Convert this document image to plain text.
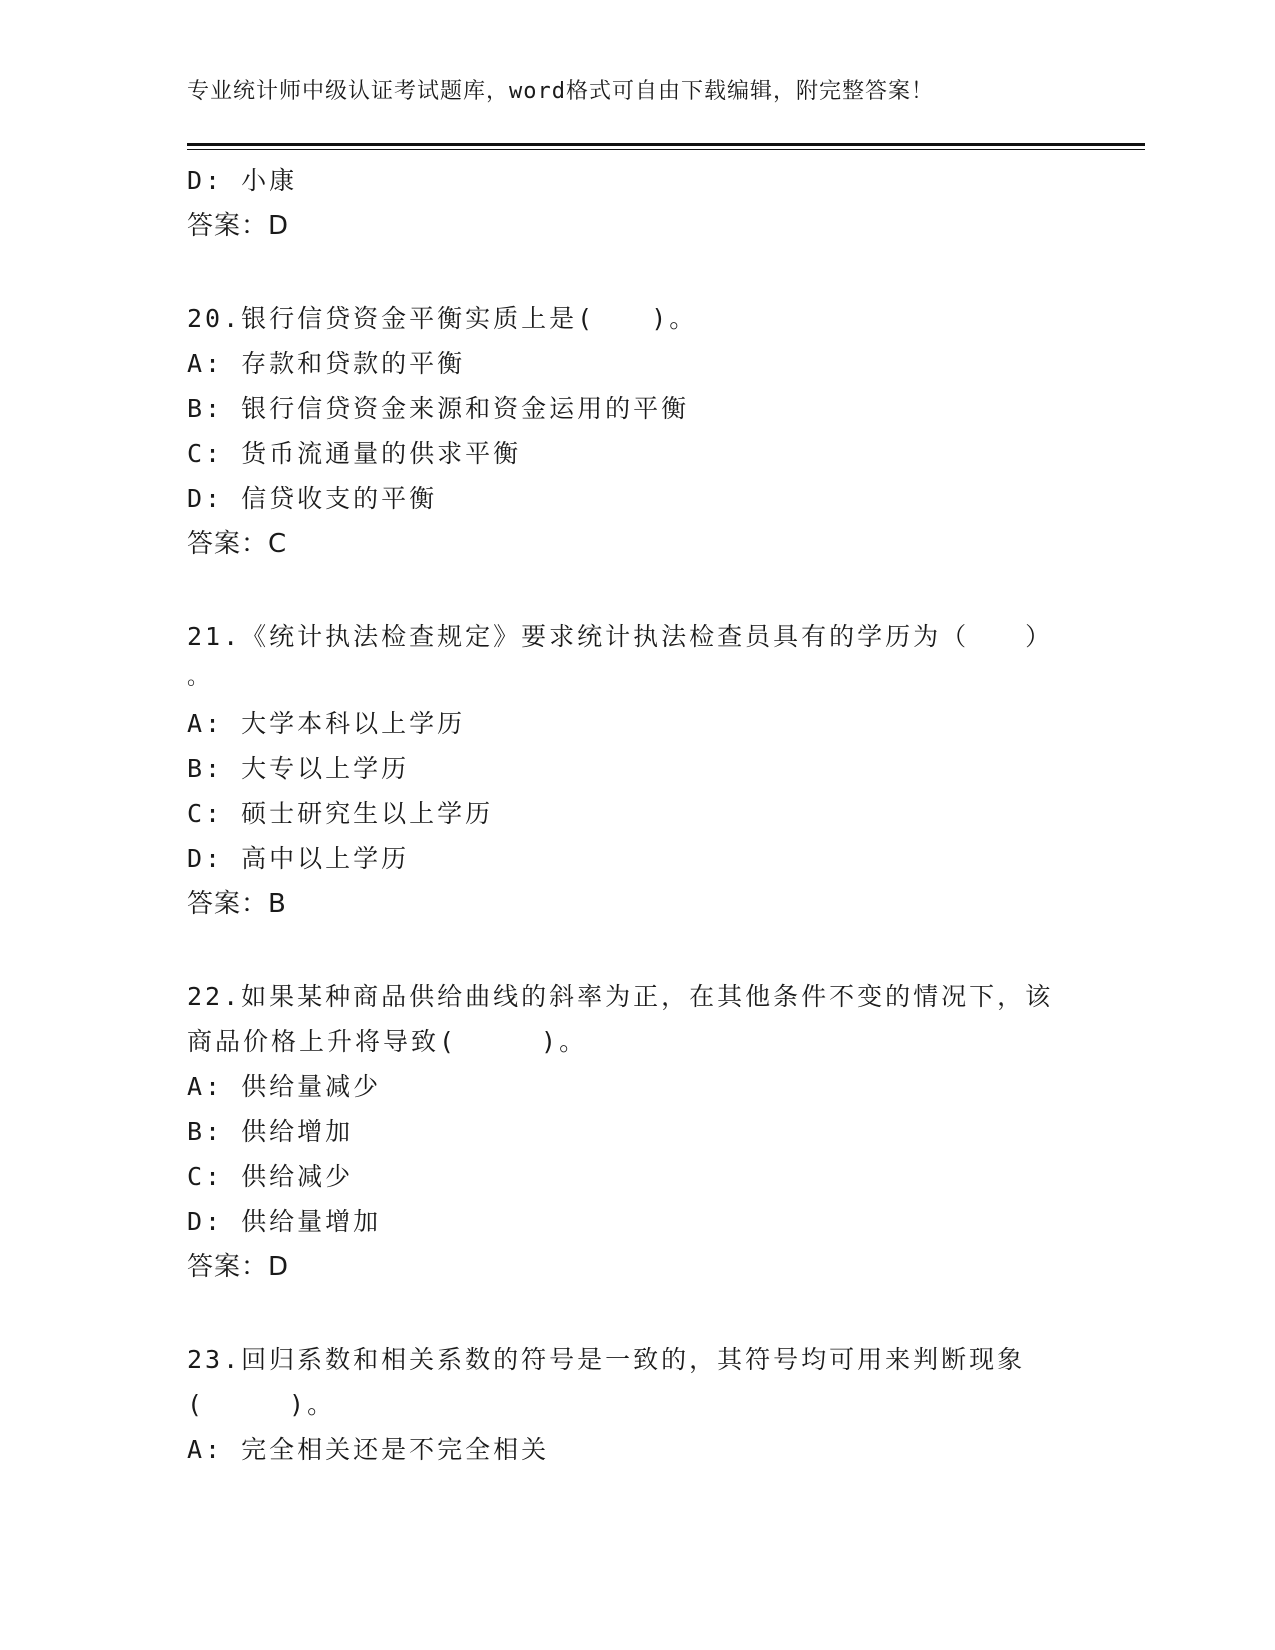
专业统计师中级认证考试题库，word格式可自由下载编辑，附完整答案！
D: 小康
答案：D
20.银行信贷资金平衡实质上是(　　)。
A: 存款和贷款的平衡
B: 银行信贷资金来源和资金运用的平衡
C: 货币流通量的供求平衡
D: 信贷收支的平衡
答案：C
21.《统计执法检查规定》要求统计执法检查员具有的学历为（　　）
。
A: 大学本科以上学历
B: 大专以上学历
C: 硕士研究生以上学历
D: 高中以上学历
答案：B
22.如果某种商品供给曲线的斜率为正，在其他条件不变的情况下，该
商品价格上升将导致(　　　)。
A: 供给量减少
B: 供给增加
C: 供给减少
D: 供给量增加
答案：D
23.回归系数和相关系数的符号是一致的，其符号均可用来判断现象
(　　　)。
A: 完全相关还是不完全相关
